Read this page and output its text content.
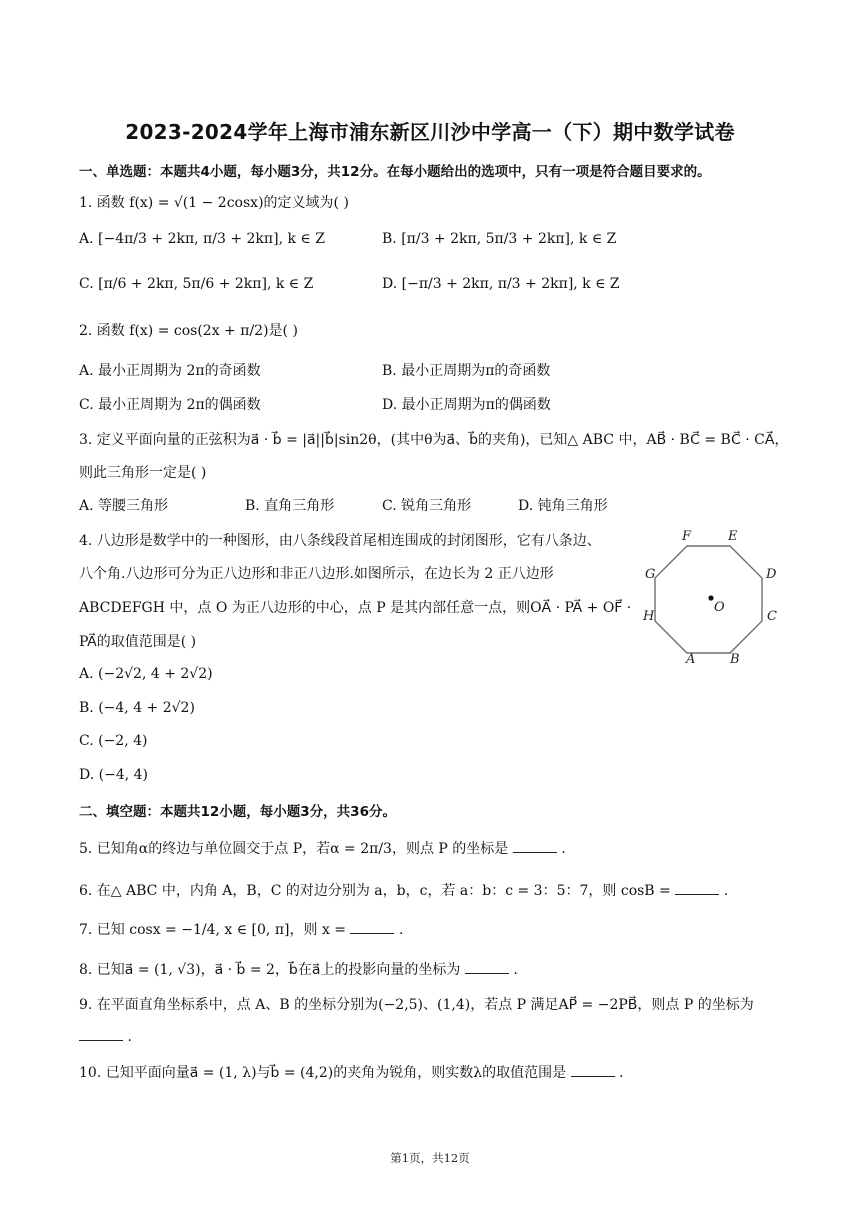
2023-2024学年上海市浦东新区川沙中学高一（下）期中数学试卷
一、单选题：本题共4小题，每小题3分，共12分。在每小题给出的选项中，只有一项是符合题目要求的。
1. 函数 f(x) = √(1 − 2cosx)的定义域为( )
A. [−4π/3 + 2kπ, π/3 + 2kπ], k ∈ Z	B. [π/3 + 2kπ, 5π/3 + 2kπ], k ∈ Z
C. [π/6 + 2kπ, 5π/6 + 2kπ], k ∈ Z	D. [−π/3 + 2kπ, π/3 + 2kπ], k ∈ Z
2. 函数 f(x) = cos(2x + π/2)是( )
A. 最小正周期为 2π的奇函数	B. 最小正周期为π的奇函数
C. 最小正周期为 2π的偶函数	D. 最小正周期为π的偶函数
3. 定义平面向量的正弦积为a⃗ · b⃗ = |a⃗||b⃗|sin2θ，(其中θ为a⃗、b⃗的夹角)，已知△ ABC 中，AB⃗ · BC⃗ = BC⃗ · CA⃗，
则此三角形一定是( )
A. 等腰三角形	B. 直角三角形	C. 锐角三角形	D. 钝角三角形
4. 八边形是数学中的一种图形，由八条线段首尾相连围成的封闭图形，它有八条边、
八个角.八边形可分为正八边形和非正八边形.如图所示，在边长为 2 正八边形
ABCDEFGH 中，点 O 为正八边形的中心，点 P 是其内部任意一点，则OA⃗ · PA⃗ + OF⃗ ·
PA⃗的取值范围是( )
A. (−2√2, 4 + 2√2)
B. (−4, 4 + 2√2)
C. (−2, 4)
D. (−4, 4)
F	E
D
C
B
A
H
G
O
二、填空题：本题共12小题，每小题3分，共36分。
5. 已知角α的终边与单位圆交于点 P，若α = 2π/3，则点 P 的坐标是	.
6. 在△ ABC 中，内角 A，B，C 的对边分别为 a，b，c，若 a：b：c = 3：5：7，则 cosB =	.
7. 已知 cosx = −1/4, x ∈ [0, π]，则 x =	.
8. 已知a⃗ = (1, √3)，a⃗ · b⃗ = 2，b⃗在a⃗上的投影向量的坐标为	.
9. 在平面直角坐标系中，点 A、B 的坐标分别为(−2,5)、(1,4)，若点 P 满足AP⃗ = −2PB⃗，则点 P 的坐标为
.
10. 已知平面向量a⃗ = (1, λ)与b⃗ = (4,2)的夹角为锐角，则实数λ的取值范围是	.
第1页，共12页
